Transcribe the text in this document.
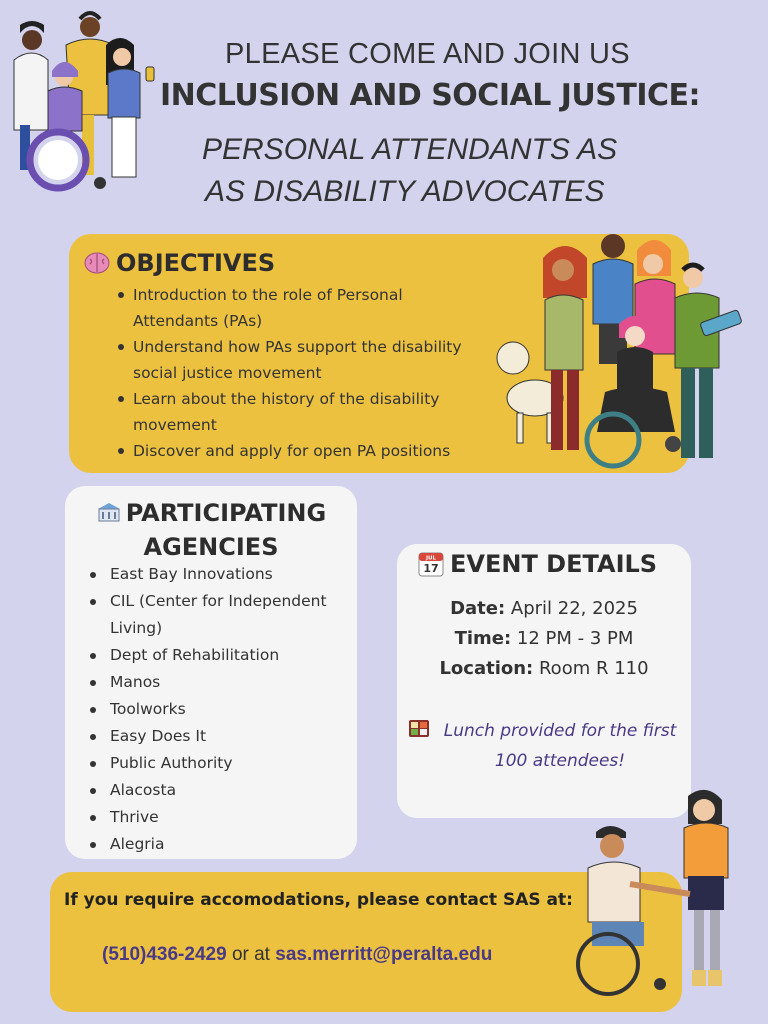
PLEASE COME AND JOIN US
INCLUSION AND SOCIAL JUSTICE:
PERSONAL ATTENDANTS AS
AS DISABILITY ADVOCATES
OBJECTIVES
Introduction to the role of Personal Attendants (PAs)
Understand how PAs support the disability social justice movement
Learn about the history of the disability movement
Discover and apply for open PA positions
PARTICIPATING AGENCIES
East Bay Innovations
CIL (Center for Independent Living)
Dept of Rehabilitation
Manos
Toolworks
Easy Does It
Public Authority
Alacosta
Thrive
Alegria
JUL
17 EVENT DETAILS
Date: April 22, 2025
Time: 12 PM - 3 PM
Location: Room R 110
Lunch provided for the first
100 attendees!
If you require accomodations, please contact SAS at:
(510)436-2429 or at sas.merritt@peralta.edu
